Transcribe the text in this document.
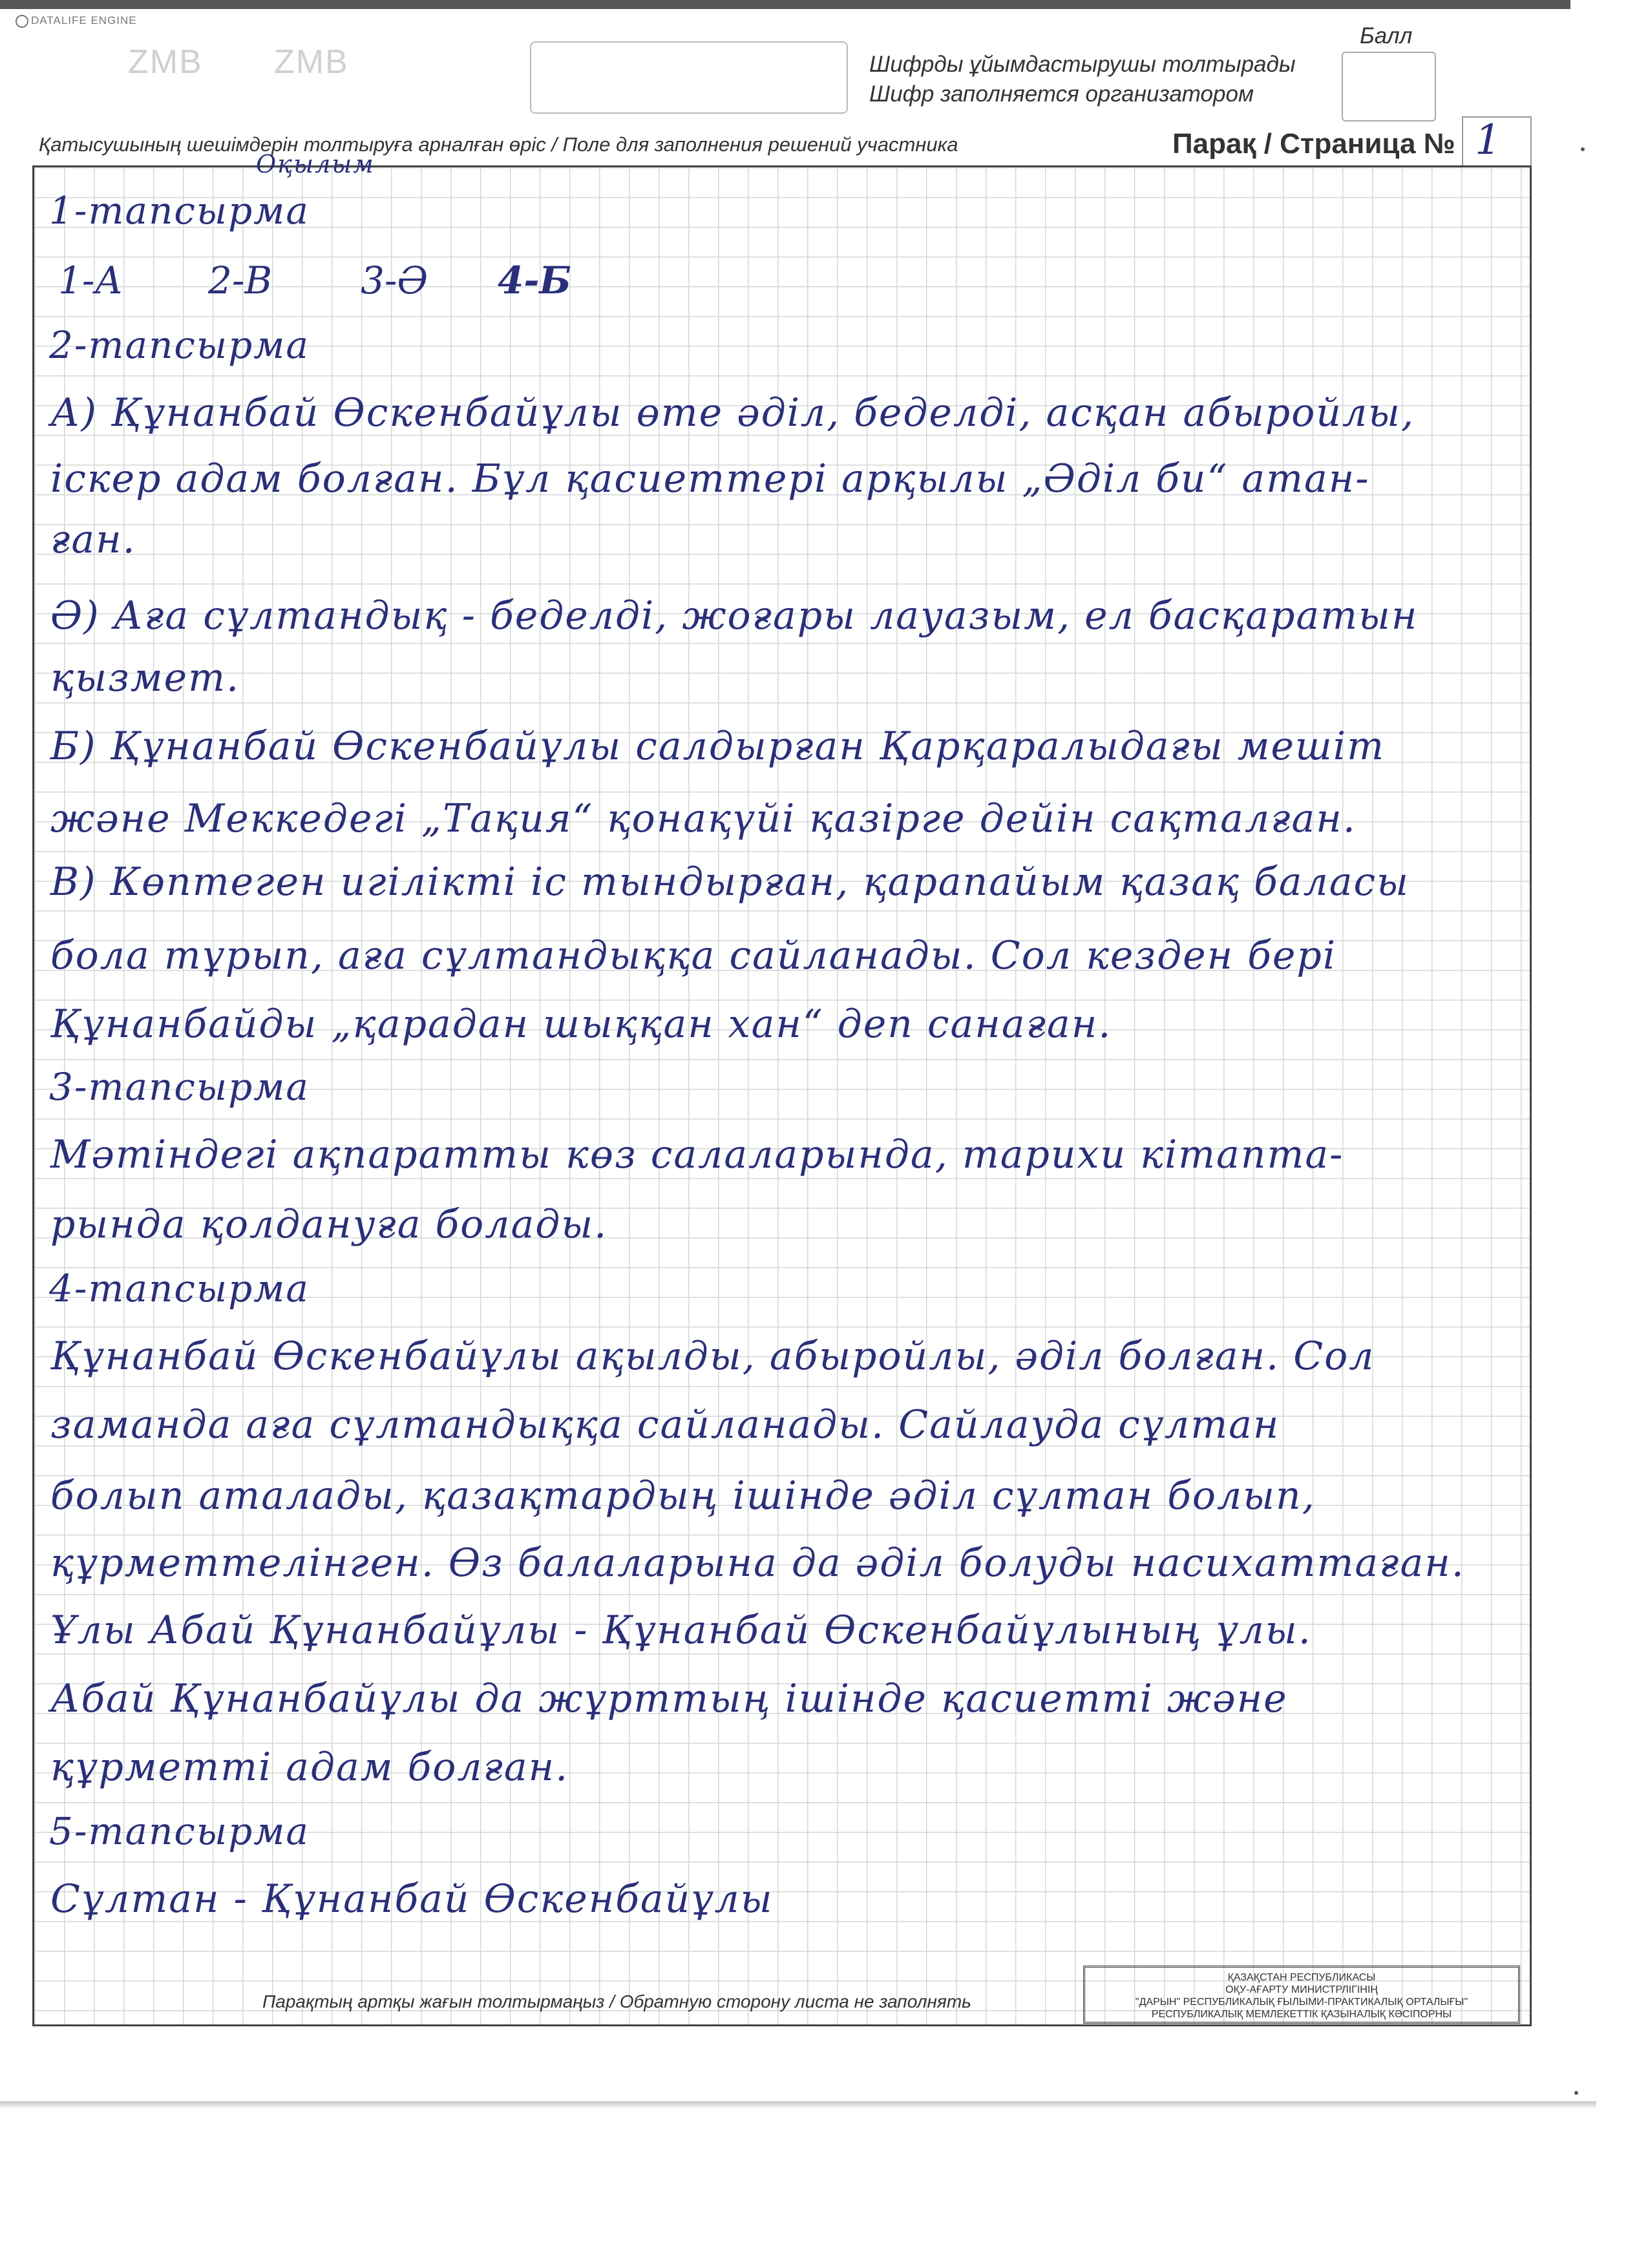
DATALIFE ENGINE
ZMB ZMB	Шифрды ұйымдастырушы толтырады
Шифр заполняется организатором
Балл
Қатысушының шешімдерін толтыруға арналған өріс / Поле для заполнения решений участника	Парақ / Страница № 1
Оқылым
1-тапсырма
1-А 2-В 3-Ә 4-Б
2-тапсырма
А) Құнанбай Өскенбайұлы өте әділ, беделді, асқан абыройлы,
іскер адам болған. Бұл қасиеттері арқылы „Әділ би“ атан-
ған.
Ә) Аға сұлтандық - беделді, жоғары лауазым, ел басқаратын
қызмет.
Б) Құнанбай Өскенбайұлы салдырған Қарқаралыдағы мешіт
және Меккедегі „Тақия“ қонақүйі қазірге дейін сақталған.
В) Көптеген игілікті іс тындырған, қарапайым қазақ баласы
бола тұрып, аға сұлтандыққа сайланады. Сол кезден бері
Құнанбайды „қарадан шыққан хан“ деп санаған.
3-тапсырма
Мәтіндегі ақпаратты көз салаларында, тарихи кітапта-
рында қолдануға болады.
4-тапсырма
Құнанбай Өскенбайұлы ақылды, абыройлы, әділ болған. Сол
заманда аға сұлтандыққа сайланады. Сайлауда сұлтан
болып аталады, қазақтардың ішінде әділ сұлтан болып,
құрметтелінген. Өз балаларына да әділ болуды насихаттаған.
Ұлы Абай Құнанбайұлы - Құнанбай Өскенбайұлының ұлы.
Абай Құнанбайұлы да жұрттың ішінде қасиетті және
құрметті адам болған.
5-тапсырма
Сұлтан - Құнанбай Өскенбайұлы
Парақтың артқы жағын толтырмаңыз / Обратную сторону листа не заполнять
ҚАЗАҚСТАН РЕСПУБЛИКАСЫ
ОҚУ-АҒАРТУ МИНИСТРЛІГІНІҢ
"ДАРЫН" РЕСПУБЛИКАЛЫҚ ҒЫЛЫМИ-ПРАКТИКАЛЫҚ ОРТАЛЫҒЫ"
РЕСПУБЛИКАЛЫҚ МЕМЛЕКЕТТІК ҚАЗЫНАЛЫҚ КӘСІПОРНЫ
